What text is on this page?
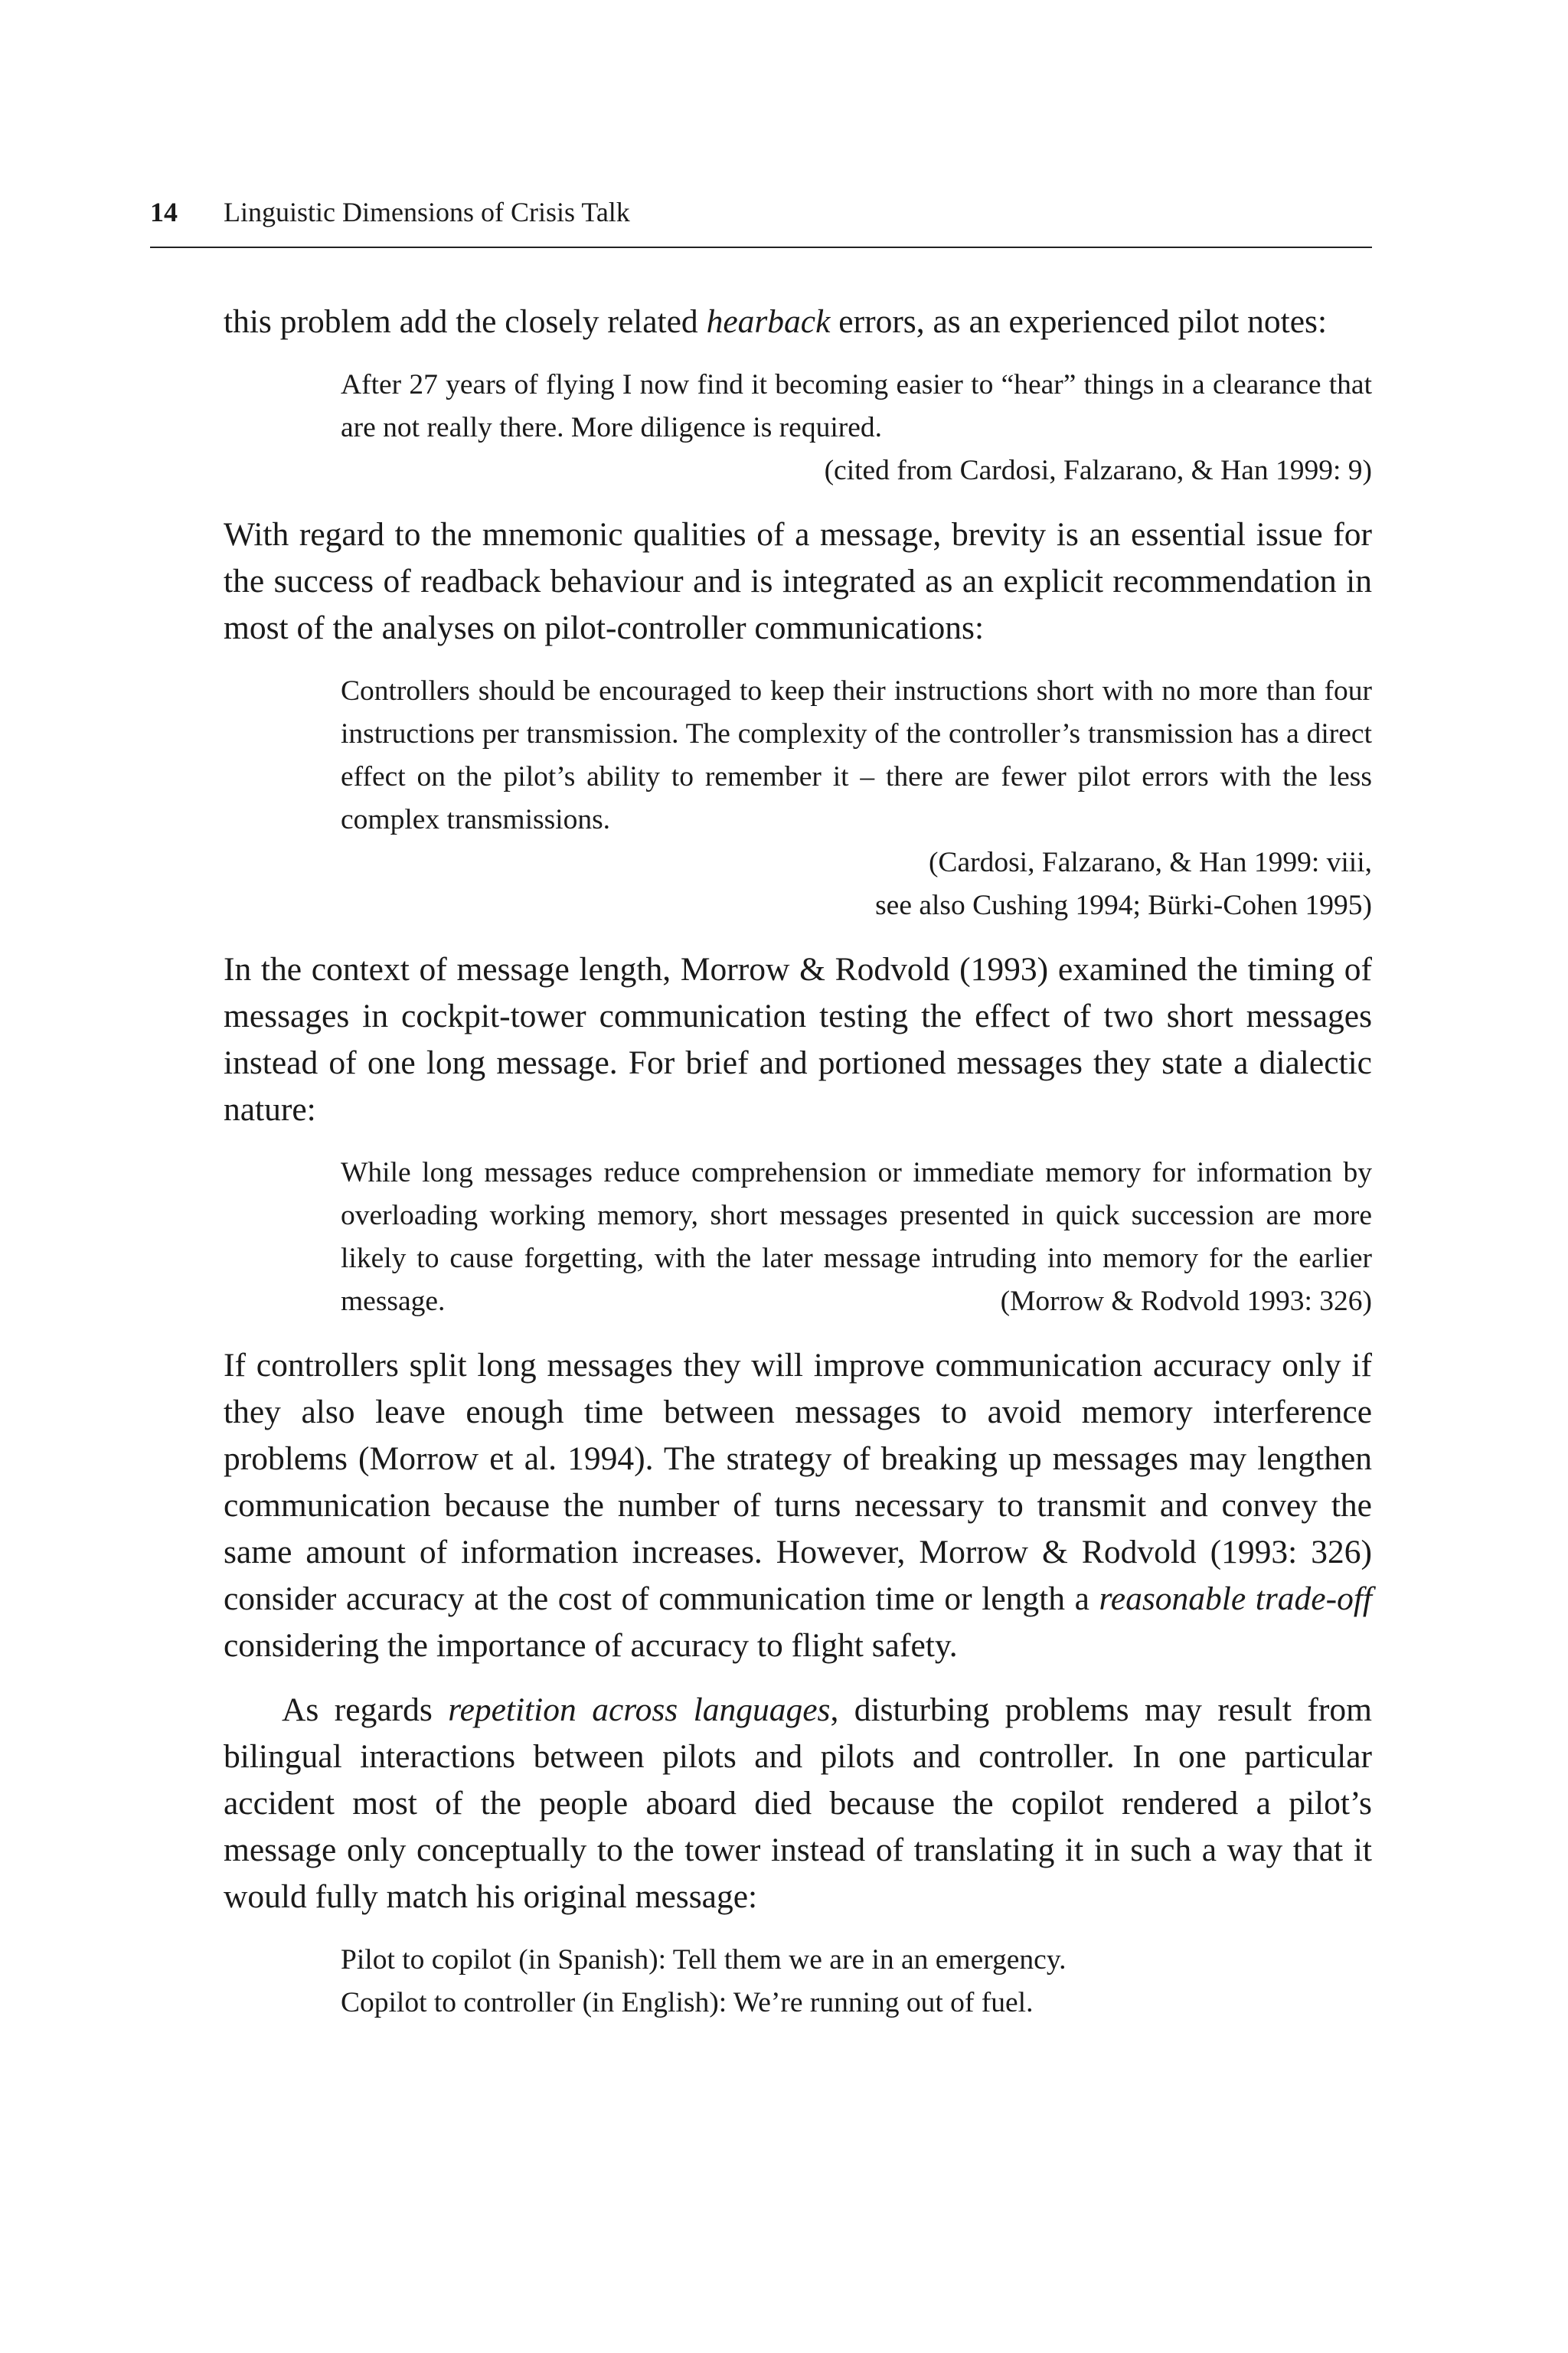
14 Linguistic Dimensions of Crisis Talk

this problem add the closely related hearback errors, as an experienced pilot notes:

After 27 years of flying I now find it becoming easier to “hear” things in a clearance that are not really there. More diligence is required.

(cited from Cardosi, Falzarano, & Han 1999: 9)

With regard to the mnemonic qualities of a message, brevity is an essential issue for the success of readback behaviour and is integrated as an explicit recommendation in most of the analyses on pilot-controller communications:

Controllers should be encouraged to keep their instructions short with no more than four instructions per transmission. The complexity of the controller’s transmission has a direct effect on the pilot’s ability to remember it – there are fewer pilot errors with the less complex transmissions.

(Cardosi, Falzarano, & Han 1999: viii,
see also Cushing 1994; Bürki-Cohen 1995)

In the context of message length, Morrow & Rodvold (1993) examined the timing of messages in cockpit-tower communication testing the effect of two short messages instead of one long message. For brief and portioned messages they state a dialectic nature:

While long messages reduce comprehension or immediate memory for information by overloading working memory, short messages presented in quick succession are more likely to cause forgetting, with the later message intruding into memory for the earlier message.	(Morrow & Rodvold 1993: 326)

If controllers split long messages they will improve communication accuracy only if they also leave enough time between messages to avoid memory interference problems (Morrow et al. 1994). The strategy of breaking up messages may lengthen communication because the number of turns necessary to transmit and convey the same amount of information increases. However, Morrow & Rodvold (1993: 326) consider accuracy at the cost of communication time or length a reasonable trade-off considering the importance of accuracy to flight safety.

As regards repetition across languages, disturbing problems may result from bilingual interactions between pilots and pilots and controller. In one particular accident most of the people aboard died because the copilot rendered a pilot’s message only conceptually to the tower instead of translating it in such a way that it would fully match his original message:

Pilot to copilot (in Spanish): Tell them we are in an emergency.
Copilot to controller (in English): We’re running out of fuel.
